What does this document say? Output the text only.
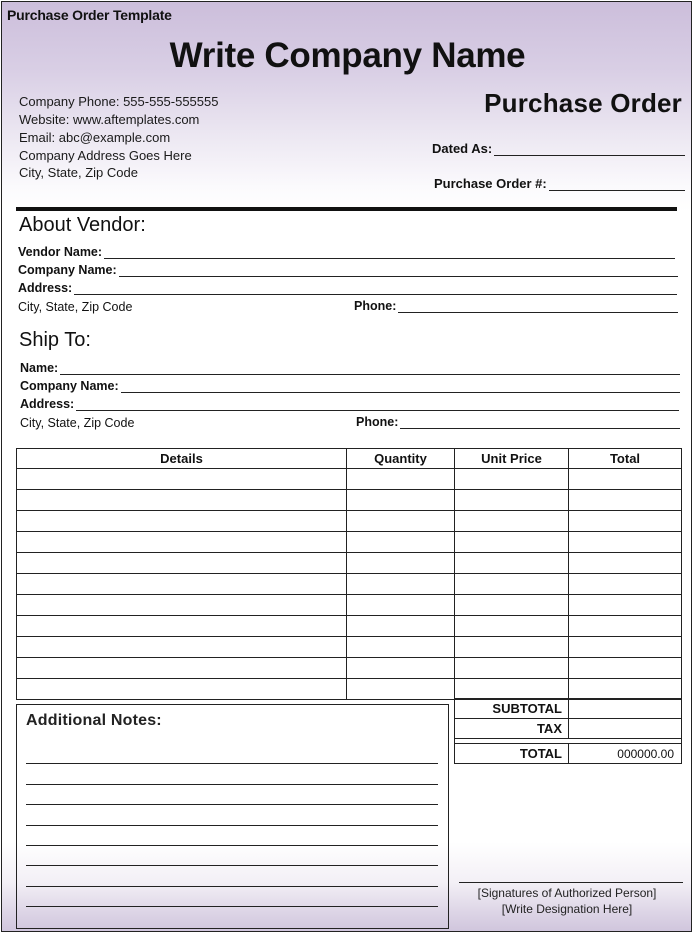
Purchase Order Template
Write Company Name
Company Phone: 555-555-555555
Website: www.aftemplates.com
Email: abc@example.com
Company Address Goes Here
City, State, Zip Code
Purchase Order
Dated As:
Purchase Order #:
About Vendor:
Vendor Name:
Company Name:
Address:
City, State, Zip Code	Phone:
Ship To:
Name:
Company Name:
Address:
City, State, Zip Code	Phone:
Details	Quantity	Unit Price	Total

Additional Notes:
SUBTOTAL	
TAX	

TOTAL	000000.00
[Signatures of Authorized Person]
[Write Designation Here]
